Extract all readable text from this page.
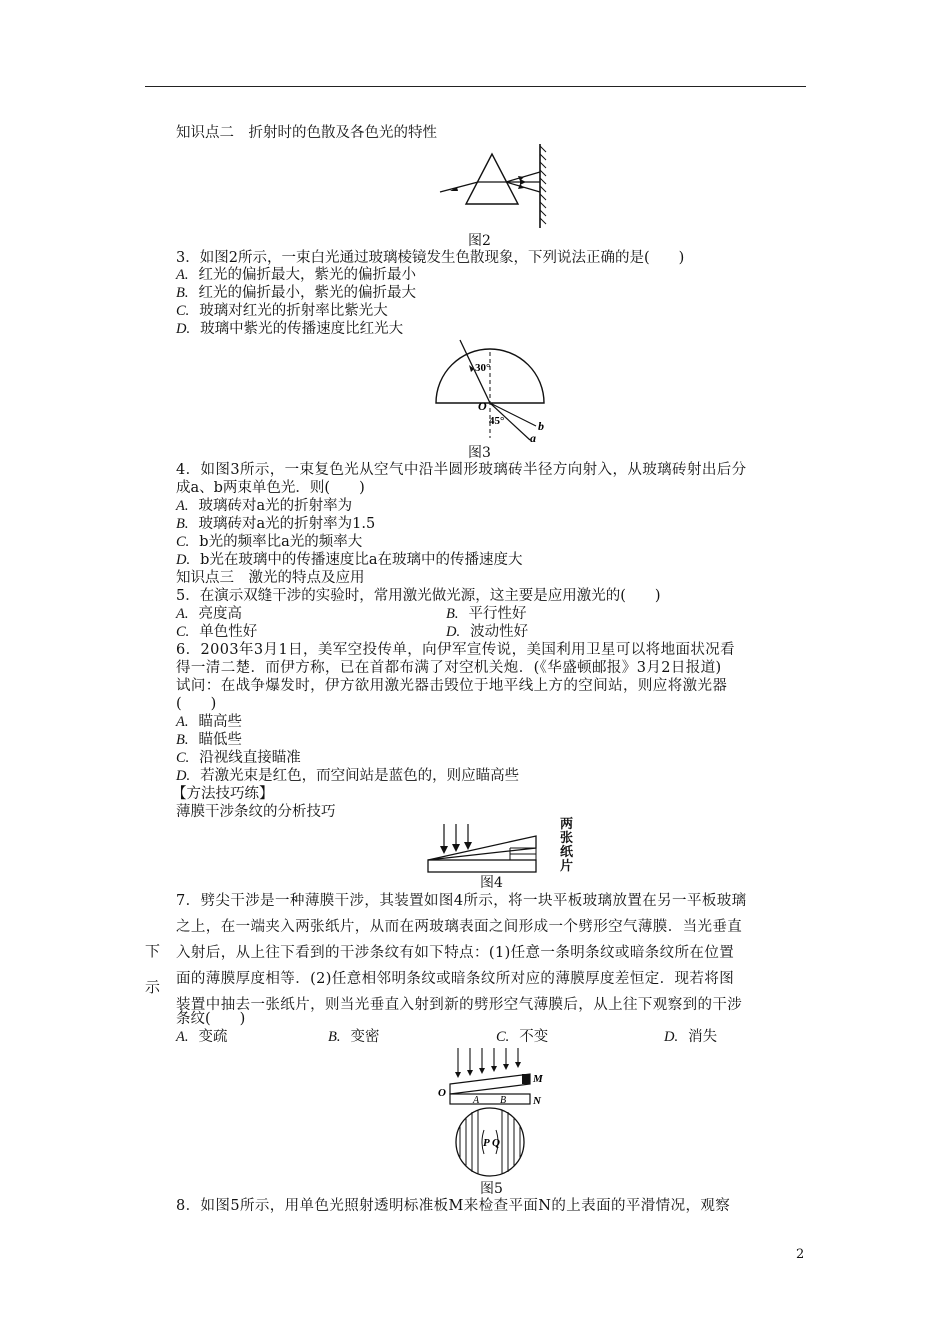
知识点二　折射时的色散及各色光的特性
图2
3．如图2所示，一束白光通过玻璃棱镜发生色散现象，下列说法正确的是(　　)
A. 红光的偏折最大，紫光的偏折最小
B. 红光的偏折最小，紫光的偏折最大
C. 玻璃对红光的折射率比紫光大
D. 玻璃中紫光的传播速度比红光大
30°
O
45°	b
a
图3
4．如图3所示，一束复色光从空气中沿半圆形玻璃砖半径方向射入，从玻璃砖射出后分
成a、b两束单色光．则(　　)
A. 玻璃砖对a光的折射率为
B. 玻璃砖对a光的折射率为1.5
C. b光的频率比a光的频率大
D. b光在玻璃中的传播速度比a在玻璃中的传播速度大
知识点三　激光的特点及应用
5．在演示双缝干涉的实验时，常用激光做光源，这主要是应用激光的(　　)
A. 亮度高	B. 平行性好
C. 单色性好	D. 波动性好
6．2003年3月1日，美军空投传单，向伊军宣传说，美国利用卫星可以将地面状况看
得一清二楚．而伊方称，已在首都布满了对空机关炮．(《华盛顿邮报》3月2日报道)
试问：在战争爆发时，伊方欲用激光器击毁位于地平线上方的空间站，则应将激光器
(　　)
A. 瞄高些
B. 瞄低些
C. 沿视线直接瞄准
D. 若激光束是红色，而空间站是蓝色的，则应瞄高些
【方法技巧练】
薄膜干涉条纹的分析技巧
两
张
纸
片
图4
7．劈尖干涉是一种薄膜干涉，其装置如图4所示，将一块平板玻璃放置在另一平板玻璃
之上，在一端夹入两张纸片，从而在两玻璃表面之间形成一个劈形空气薄膜．当光垂直
入射后，从上往下看到的干涉条纹有如下特点：(1)任意一条明条纹或暗条纹所在位置
面的薄膜厚度相等．(2)任意相邻明条纹或暗条纹所对应的薄膜厚度差恒定．现若将图
装置中抽去一张纸片，则当光垂直入射到新的劈形空气薄膜后，从上往下观察到的干涉
条纹(　　)
A. 变疏	B. 变密	C. 不变	D. 消失
下
示
O
A B
M
N
P Q
图5
8．如图5所示，用单色光照射透明标准板M来检查平面N的上表面的平滑情况，观察
2
